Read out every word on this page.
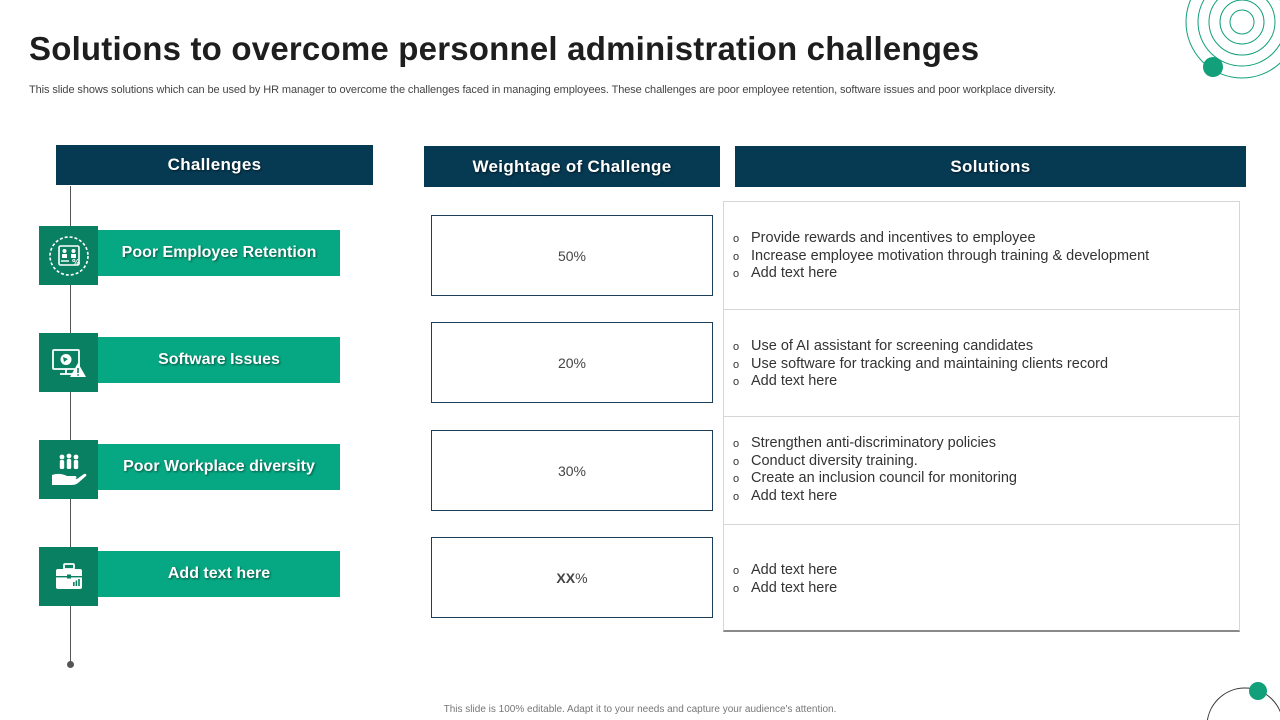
Solutions to overcome personnel administration challenges
This slide shows solutions which can be used by HR manager to overcome the challenges faced in managing employees. These challenges are poor employee retention, software issues and poor workplace diversity.
Challenges	Weightage of Challenge	Solutions
%
Poor Employee Retention
Software Issues
Poor Workplace diversity
Add text here
50%
20%
30%
XX%
o Provide rewards and incentives to employee
o Increase employee motivation through training & development
o Add text here
o Use of AI assistant for screening candidates
o Use software for tracking and maintaining clients record
o Add text here
o Strengthen anti-discriminatory policies
o Conduct diversity training.
o Create an inclusion council for monitoring
o Add text here
o Add text here
o Add text here
This slide is 100% editable. Adapt it to your needs and capture your audience's attention.
